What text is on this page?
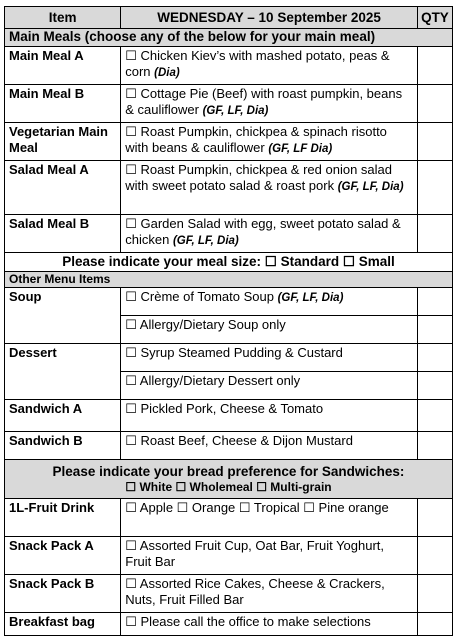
Item	WEDNESDAY – 10 September 2025	QTY
Main Meals (choose any of the below for your main meal)		
Main Meal A	☐ Chicken Kiev’s with mashed potato, peas & corn (Dia)	
Main Meal B	☐ Cottage Pie (Beef) with roast pumpkin, beans & cauliflower (GF, LF, Dia)	
Vegetarian Main Meal	☐ Roast Pumpkin, chickpea & spinach risotto with beans & cauliflower (GF, LF Dia)	
Salad Meal A	☐ Roast Pumpkin, chickpea & red onion salad with sweet potato salad & roast pork (GF, LF, Dia)	
Salad Meal B	☐ Garden Salad with egg, sweet potato salad & chicken (GF, LF, Dia)	
Please indicate your meal size: ☐ Standard ☐ Small		
Other Menu Items		
Soup	☐ Crème of Tomato Soup (GF, LF, Dia)	
	☐ Allergy/Dietary Soup only	
Dessert	☐ Syrup Steamed Pudding & Custard	
	☐ Allergy/Dietary Dessert only	
Sandwich A	☐ Pickled Pork, Cheese & Tomato	
Sandwich B	☐ Roast Beef, Cheese & Dijon Mustard	

Please indicate your bread preference for Sandwiches:
☐ White ☐ Wholemeal ☐ Multi-grain		

1L-Fruit Drink	☐ Apple ☐ Orange ☐ Tropical ☐ Pine orange	
Snack Pack A	☐ Assorted Fruit Cup, Oat Bar, Fruit Yoghurt, Fruit Bar	
Snack Pack B	☐ Assorted Rice Cakes, Cheese & Crackers, Nuts, Fruit Filled Bar	
Breakfast bag	☐ Please call the office to make selections	
